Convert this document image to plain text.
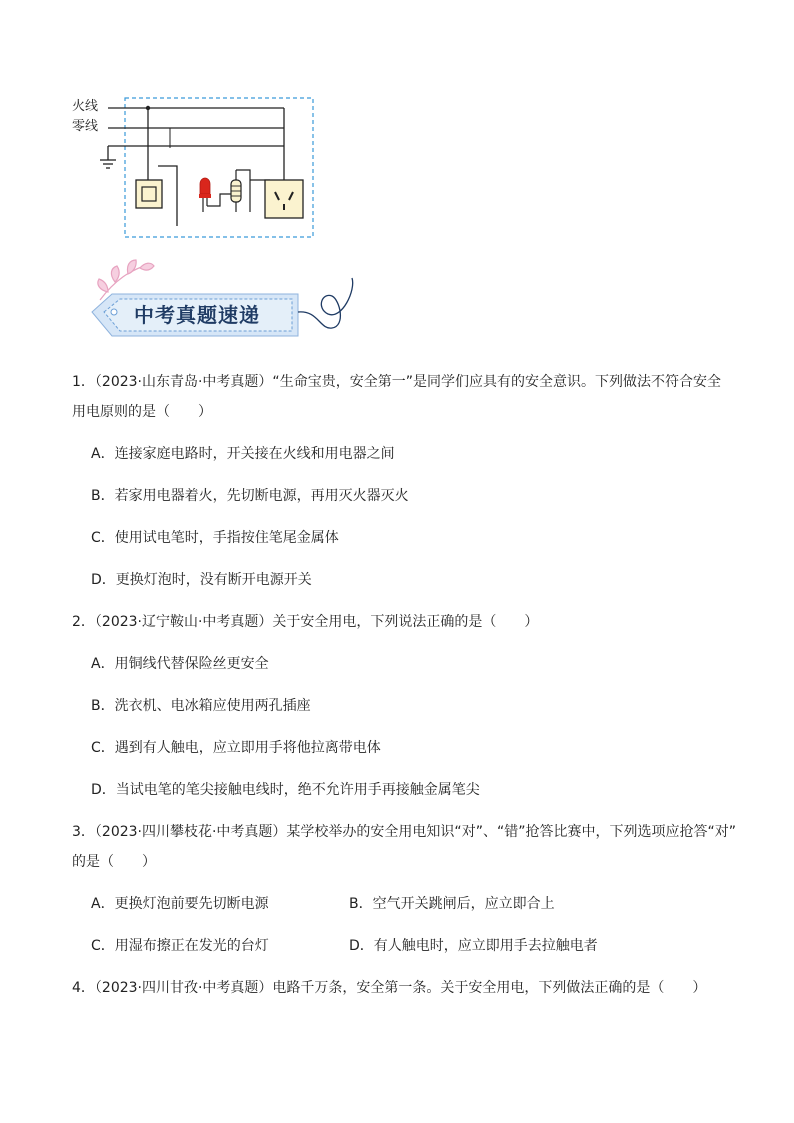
火线
零线
中考真题速递
1．（2023·山东青岛·中考真题）“生命宝贵，安全第一”是同学们应具有的安全意识。下列做法不符合安全
用电原则的是（　　）
A．连接家庭电路时，开关接在火线和用电器之间
B．若家用电器着火，先切断电源，再用灭火器灭火
C．使用试电笔时，手指按住笔尾金属体
D．更换灯泡时，没有断开电源开关
2．（2023·辽宁鞍山·中考真题）关于安全用电，下列说法正确的是（　　）
A．用铜线代替保险丝更安全
B．洗衣机、电冰箱应使用两孔插座
C．遇到有人触电，应立即用手将他拉离带电体
D．当试电笔的笔尖接触电线时，绝不允许用手再接触金属笔尖
3．（2023·四川攀枝花·中考真题）某学校举办的安全用电知识“对”、“错”抢答比赛中，下列选项应抢答“对”
的是（　　）
A．更换灯泡前要先切断电源	B．空气开关跳闸后，应立即合上
C．用湿布擦正在发光的台灯	D．有人触电时，应立即用手去拉触电者
4．（2023·四川甘孜·中考真题）电路千万条，安全第一条。关于安全用电，下列做法正确的是（　　）
